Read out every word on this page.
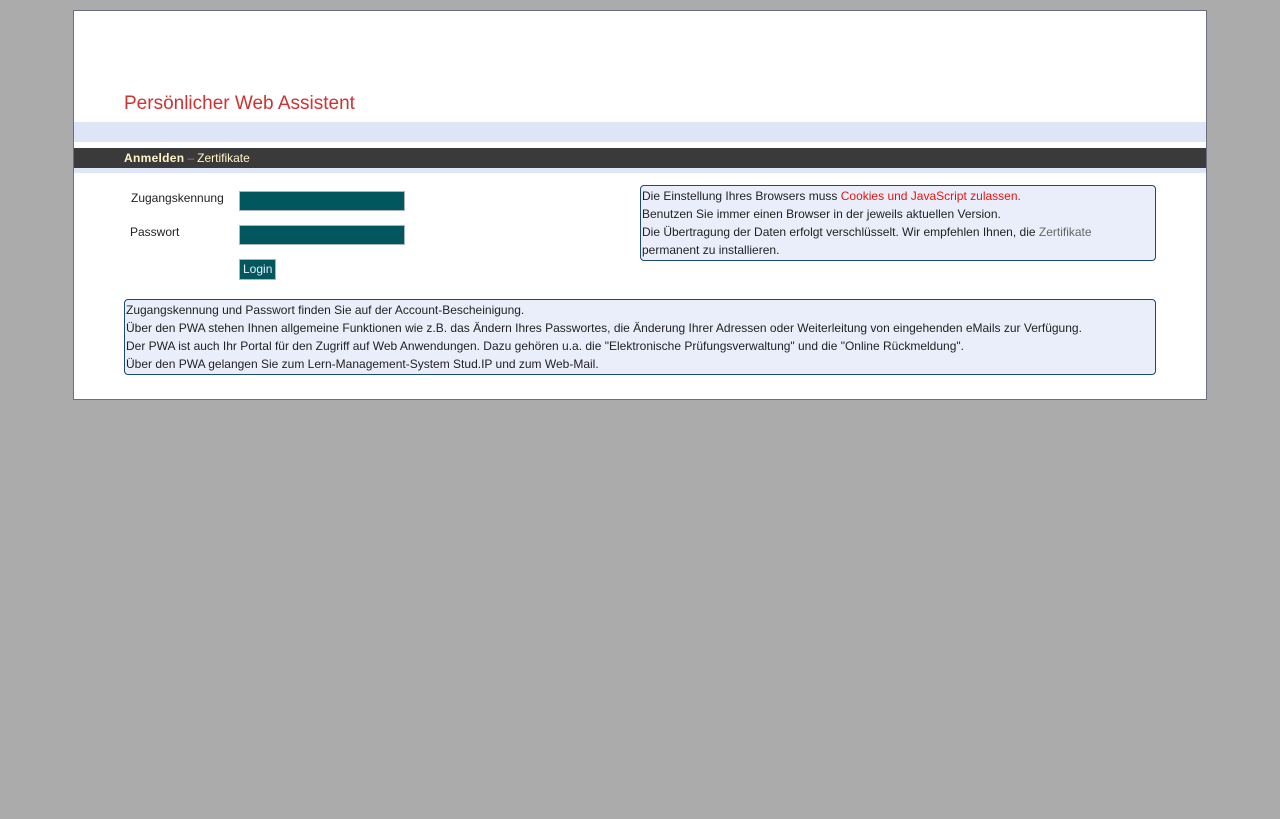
Persönlicher Web Assistent
Anmelden – Zertifikate
Zugangskennung
Passwort
Login

Die Einstellung Ihres Browsers muss Cookies und JavaScript zulassen.

Benutzen Sie immer einen Browser in der jeweils aktuellen Version.

Die Übertragung der Daten erfolgt verschlüsselt. Wir empfehlen Ihnen, die Zertifikate

permanent zu installieren.

Zugangskennung und Passwort finden Sie auf der Account-Bescheinigung.

Über den PWA stehen Ihnen allgemeine Funktionen wie z.B. das Ändern Ihres Passwortes, die Änderung Ihrer Adressen oder Weiterleitung von eingehenden eMails zur Verfügung.

Der PWA ist auch Ihr Portal für den Zugriff auf Web Anwendungen. Dazu gehören u.a. die "Elektronische Prüfungsverwaltung" und die "Online Rückmeldung".

Über den PWA gelangen Sie zum Lern-Management-System Stud.IP und zum Web-Mail.
